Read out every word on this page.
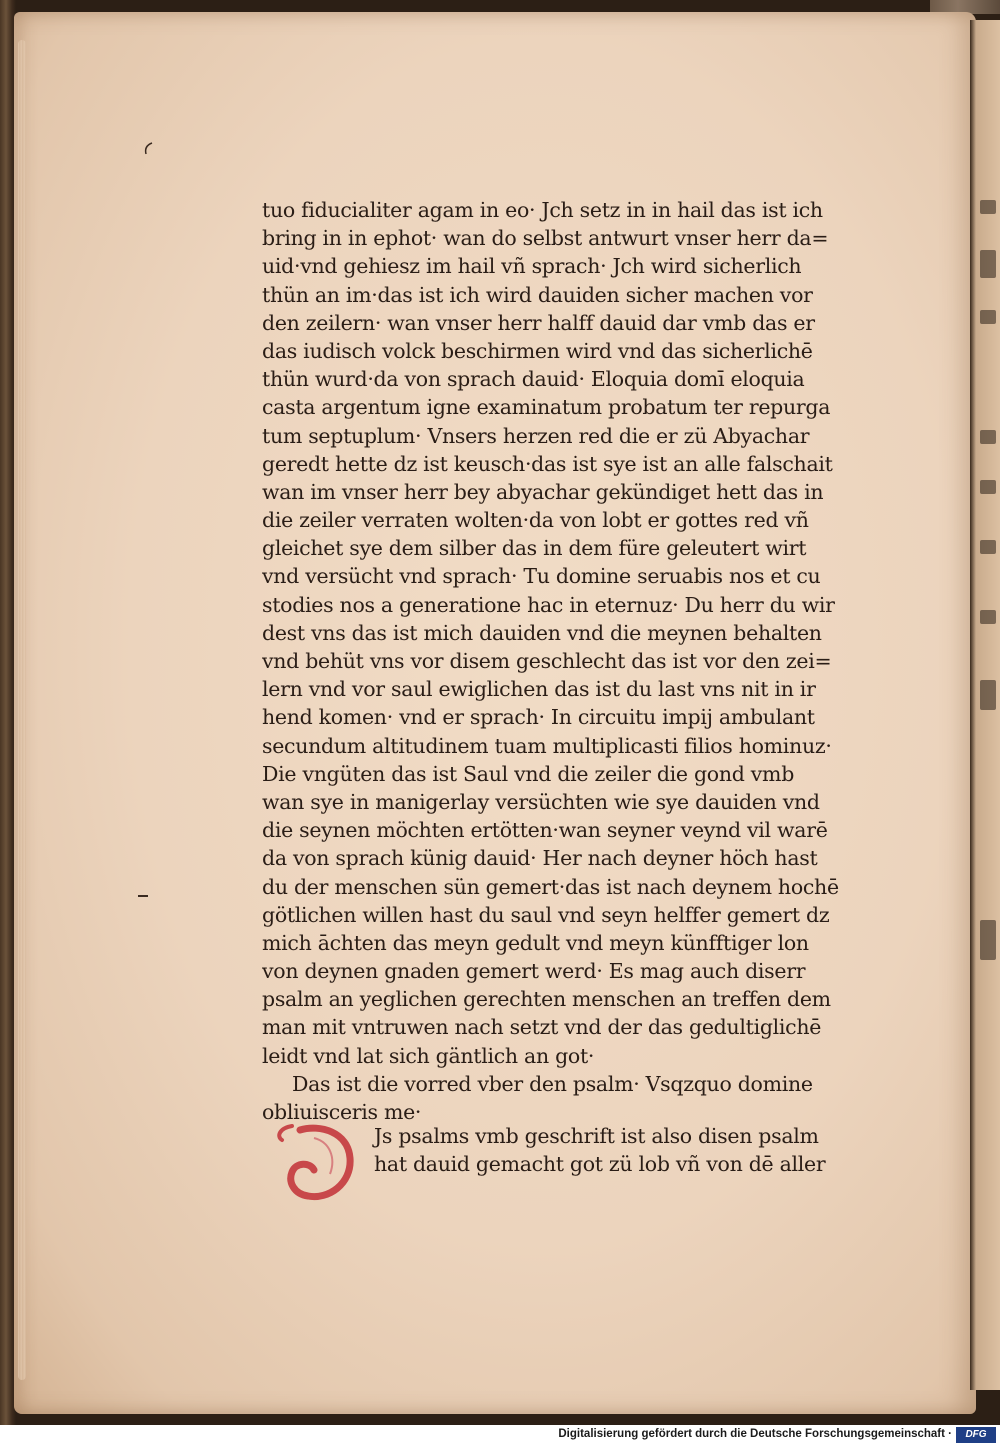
tuo fiducialiter agam in eo· Jch setz in in hail das ist ich
bring in in ephot· wan do selbst antwurt vnser herr da=
uid·vnd gehiesz im hail vñ sprach· Jch wird sicherlich
thün an im·das ist ich wird dauiden sicher machen vor
den zeilern· wan vnser herr halff dauid dar vmb das er
das iudisch volck beschirmen wird vnd das sicherlichē
thün wurd·da von sprach dauid· Eloquia domī eloquia
casta argentum igne examinatum probatum ter repurga
tum septuplum· Vnsers herzen red die er zü Abyachar
geredt hette dz ist keusch·das ist sye ist an alle falschait
wan im vnser herr bey abyachar gekündiget hett das in
die zeiler verraten wolten·da von lobt er gottes red vñ
gleichet sye dem silber das in dem füre geleutert wirt
vnd versücht vnd sprach· Tu domine seruabis nos et cu
stodies nos a generatione hac in eternuz· Du herr du wir
dest vns das ist mich dauiden vnd die meynen behalten
vnd behüt vns vor disem geschlecht das ist vor den zei=
lern vnd vor saul ewiglichen das ist du last vns nit in ir
hend komen· vnd er sprach· In circuitu impij ambulant
secundum altitudinem tuam multiplicasti filios hominuz·
Die vngüten das ist Saul vnd die zeiler die gond vmb
wan sye in manigerlay versüchten wie sye dauiden vnd
die seynen möchten ertötten·wan seyner veynd vil warē
da von sprach künig dauid· Her nach deyner höch hast
du der menschen sün gemert·das ist nach deynem hochē
götlichen willen hast du saul vnd seyn helffer gemert dz
mich āchten das meyn gedult vnd meyn künfftiger lon
von deynen gnaden gemert werd· Es mag auch diserr
psalm an yeglichen gerechten menschen an treffen dem
man mit vntruwen nach setzt vnd der das gedultiglichē
leidt vnd lat sich gäntlich an got·
Das ist die vorred vber den psalm· Vsqzquo domine
obliuisceris me·
Js psalms vmb geschrift ist also disen psalm
hat dauid gemacht got zü lob vñ von dē aller
Digitalisierung gefördert durch die Deutsche Forschungsgemeinschaft ·	DFG
